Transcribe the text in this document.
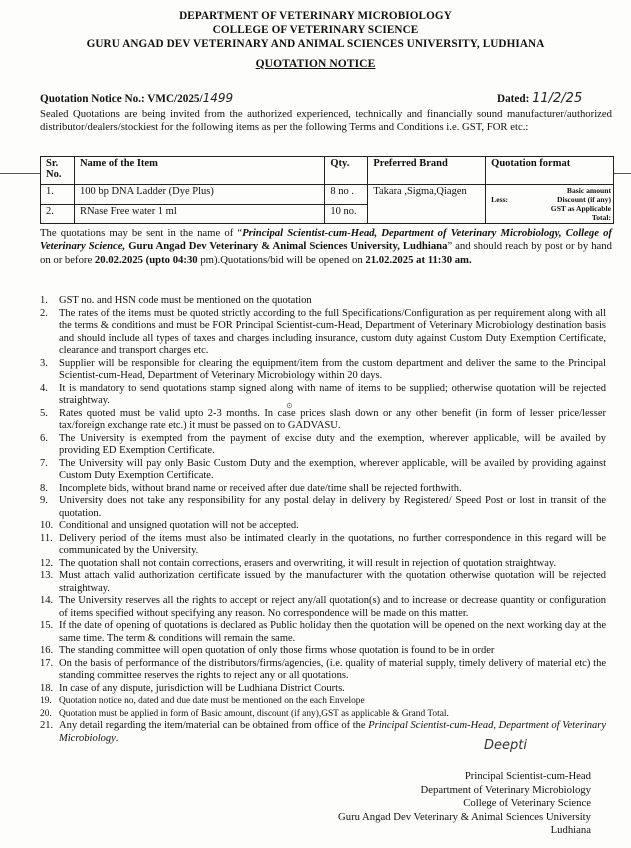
DEPARTMENT OF VETERINARY MICROBIOLOGY
COLLEGE OF VETERINARY SCIENCE
GURU ANGAD DEV VETERINARY AND ANIMAL SCIENCES UNIVERSITY, LUDHIANA
QUOTATION NOTICE
Quotation Notice No.: VMC/2025/1499	Dated: 11/2/25
Sealed Quotations are being invited from the authorized experienced, technically and financially sound manufacturer/authorized distributor/dealers/stockiest for the following items as per the following Terms and Conditions i.e. GST, FOR etc.:
Sr. No.	Name of the Item	Qty.	Preferred Brand	Quotation format
1.	100 bp DNA Ladder (Dye Plus)	8 no .	Takara ,Sigma,Qiagen	Basic amount
Less: Discount (if any)
GST as Applicable
Total:

2.	RNase Free water 1 ml	10 no.		
The quotations may be sent in the name of “Principal Scientist-cum-Head, Department of Veterinary Microbiology, College of Veterinary Science, Guru Angad Dev Veterinary & Animal Sciences University, Ludhiana” and should reach by post or by hand on or before 20.02.2025 (upto 04:30 pm).Quotations/bid will be opened on 21.02.2025 at 11:30 am.
1. GST no. and HSN code must be mentioned on the quotation
2. The rates of the items must be quoted strictly according to the full Specifications/Configuration as per requirement along with all the terms & conditions and must be FOR Principal Scientist-cum-Head, Department of Veterinary Microbiology destination basis and should include all types of taxes and charges including insurance, custom duty against Custom Duty Exemption Certificate, clearance and transport charges etc.
3. Supplier will be responsible for clearing the equipment/item from the custom department and deliver the same to the Principal Scientist-cum-Head, Department of Veterinary Microbiology within 20 days.
4. It is mandatory to send quotations stamp signed along with name of items to be supplied; otherwise quotation will be rejected straightway.
5. Rates quoted must be valid upto 2-3 months. In case prices slash down or any other benefit (in form of lesser price/lesser tax/foreign exchange rate etc.) it must be passed on to GADVASU.
6. The University is exempted from the payment of excise duty and the exemption, wherever applicable, will be availed by providing ED Exemption Certificate.
7. The University will pay only Basic Custom Duty and the exemption, wherever applicable, will be availed by providing against Custom Duty Exemption Certificate.
8. Incomplete bids, without brand name or received after due date/time shall be rejected forthwith.
9. University does not take any responsibility for any postal delay in delivery by Registered/ Speed Post or lost in transit of the quotation.
10. Conditional and unsigned quotation will not be accepted.
11. Delivery period of the items must also be intimated clearly in the quotations, no further correspondence in this regard will be communicated by the University.
12. The quotation shall not contain corrections, erasers and overwriting, it will result in rejection of quotation straightway.
13. Must attach valid authorization certificate issued by the manufacturer with the quotation otherwise quotation will be rejected straightway.
14. The University reserves all the rights to accept or reject any/all quotation(s) and to increase or decrease quantity or configuration of items specified without specifying any reason. No correspondence will be made on this matter.
15. If the date of opening of quotations is declared as Public holiday then the quotation will be opened on the next working day at the same time. The term & conditions will remain the same.
16. The standing committee will open quotation of only those firms whose quotation is found to be in order
17. On the basis of performance of the distributors/firms/agencies, (i.e. quality of material supply, timely delivery of material etc) the standing committee reserves the rights to reject any or all quotations.
18. In case of any dispute, jurisdiction will be Ludhiana District Courts.
19. Quotation notice no, dated and due date must be mentioned on the each Envelope
20. Quotation must be applied in form of Basic amount, discount (if any),GST as applicable & Grand Total.
21. Any detail regarding the item/material can be obtained from office of the Principal Scientist-cum-Head, Department of Veterinary Microbiology.
⊙
Deepti
Principal Scientist-cum-Head
Department of Veterinary Microbiology
College of Veterinary Science
Guru Angad Dev Veterinary & Animal Sciences University
Ludhiana
